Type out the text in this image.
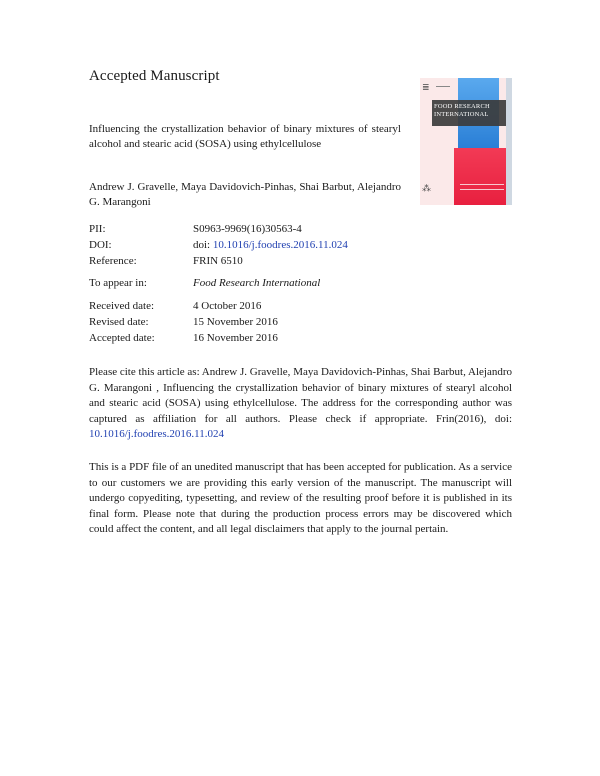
Accepted Manuscript
FOOD RESEARCH
INTERNATIONAL
≣
⁂
Influencing the crystallization behavior of binary mixtures of stearyl alcohol and stearic acid (SOSA) using ethylcellulose
Andrew J. Gravelle, Maya Davidovich-Pinhas, Shai Barbut, Alejandro G. Marangoni
PII:	S0963-9969(16)30563-4
DOI:	doi: 10.1016/j.foodres.2016.11.024
Reference:	FRIN 6510
To appear in:	Food Research International
Received date:	4 October 2016
Revised date:	15 November 2016
Accepted date:	16 November 2016
Please cite this article as: Andrew J. Gravelle, Maya Davidovich-Pinhas, Shai Barbut, Alejandro G. Marangoni , Influencing the crystallization behavior of binary mixtures of stearyl alcohol and stearic acid (SOSA) using ethylcellulose. The address for the corresponding author was captured as affiliation for all authors. Please check if appropriate. Frin(2016), doi: 10.1016/j.foodres.2016.11.024
This is a PDF file of an unedited manuscript that has been accepted for publication. As a service to our customers we are providing this early version of the manuscript. The manuscript will undergo copyediting, typesetting, and review of the resulting proof before it is published in its final form. Please note that during the production process errors may be discovered which could affect the content, and all legal disclaimers that apply to the journal pertain.
